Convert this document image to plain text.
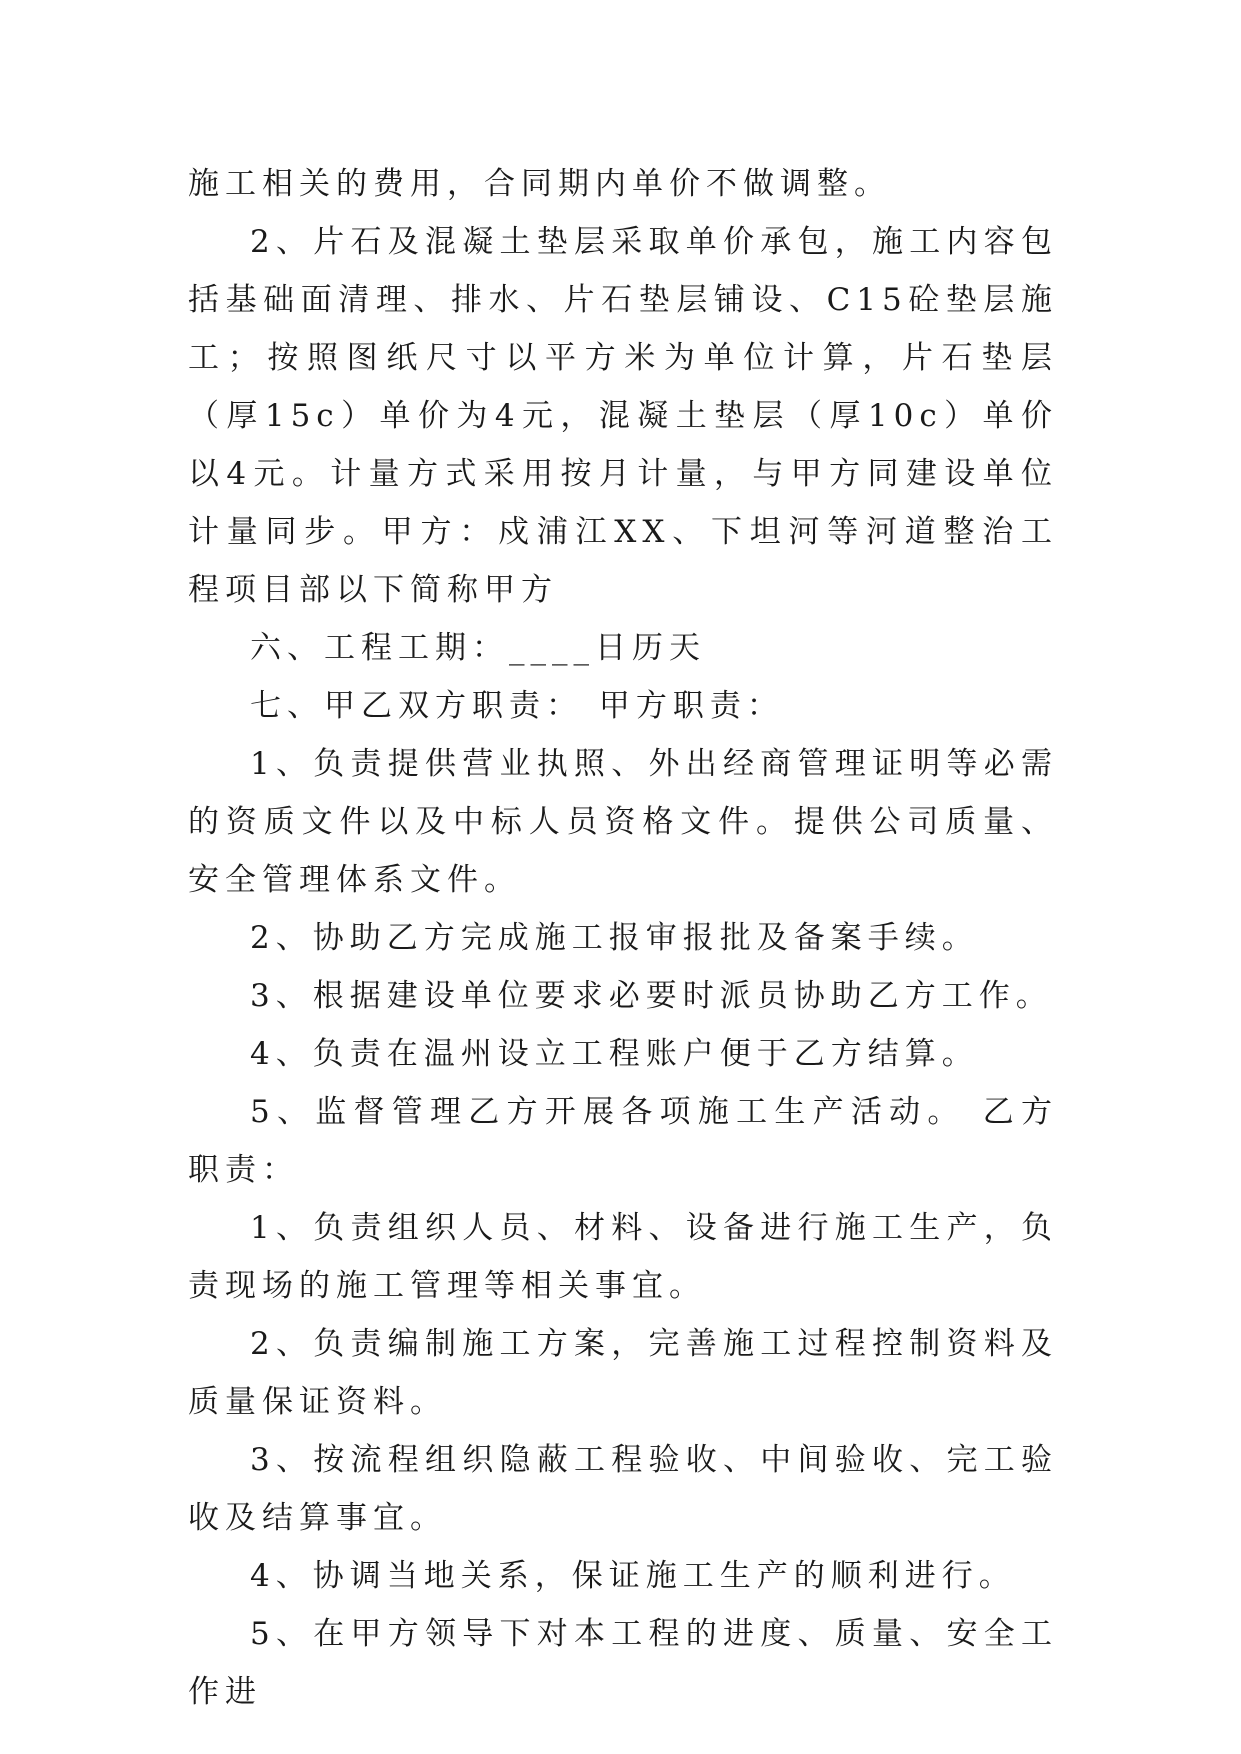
施工相关的费用，合同期内单价不做调整。

2、片石及混凝土垫层采取单价承包，施工内容包括基础面清理、排水、片石垫层铺设、C15砼垫层施工；按照图纸尺寸以平方米为单位计算，片石垫层（厚15c）单价为4元，混凝土垫层（厚10c）单价以4元。计量方式采用按月计量，与甲方同建设单位计量同步。甲方：戍浦江XX、下坦河等河道整治工程项目部以下简称甲方

六、工程工期：____日历天

七、甲乙双方职责： 甲方职责：

1、负责提供营业执照、外出经商管理证明等必需的资质文件以及中标人员资格文件。提供公司质量、安全管理体系文件。

2、协助乙方完成施工报审报批及备案手续。

3、根据建设单位要求必要时派员协助乙方工作。

4、负责在温州设立工程账户便于乙方结算。

5、监督管理乙方开展各项施工生产活动。 乙方职责：

1、负责组织人员、材料、设备进行施工生产，负责现场的施工管理等相关事宜。

2、负责编制施工方案，完善施工过程控制资料及质量保证资料。

3、按流程组织隐蔽工程验收、中间验收、完工验收及结算事宜。

4、协调当地关系，保证施工生产的顺利进行。

5、在甲方领导下对本工程的进度、质量、安全工作进
